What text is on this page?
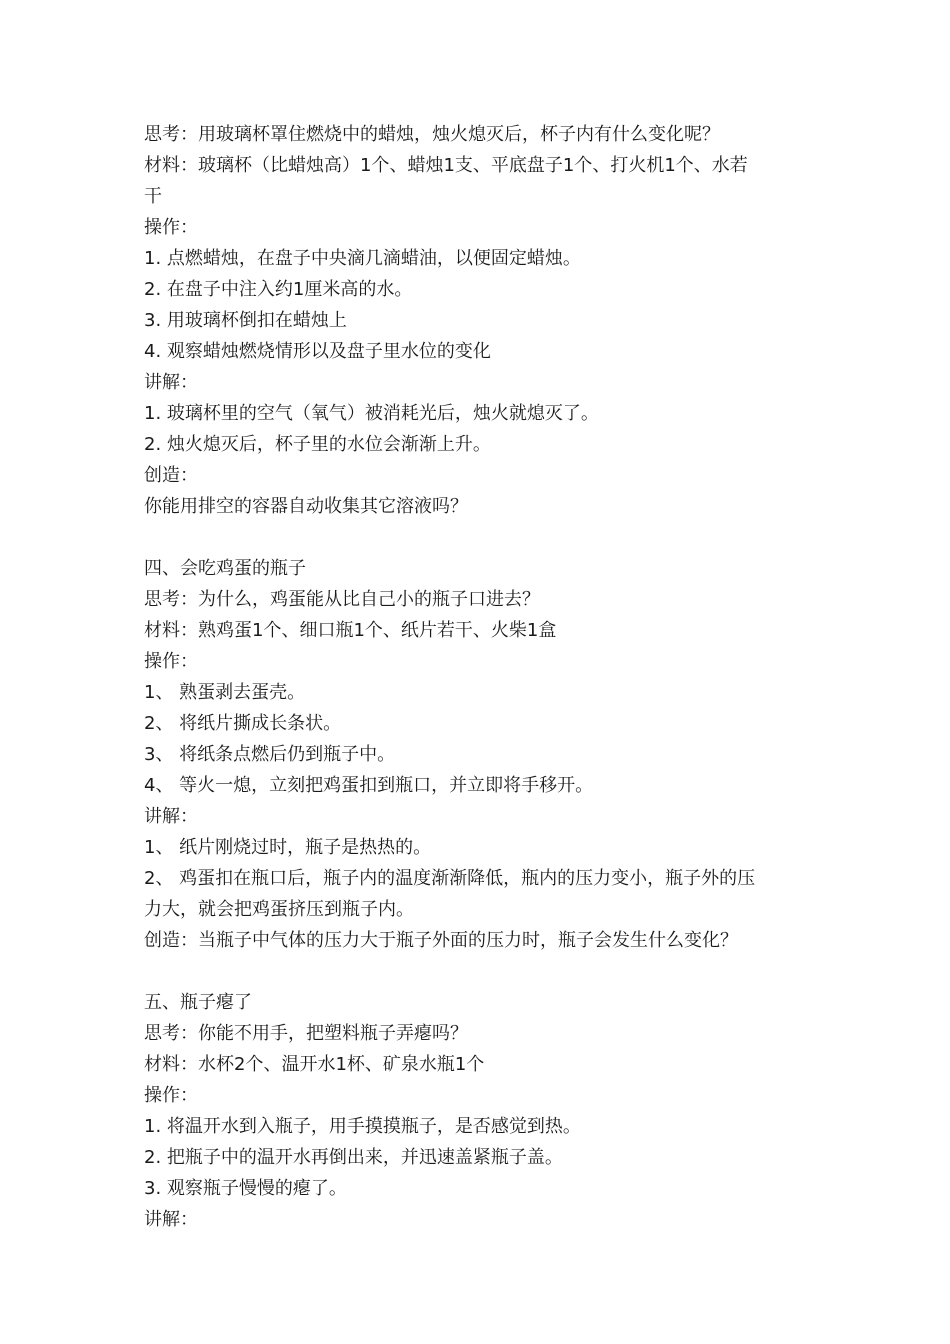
思考：用玻璃杯罩住燃烧中的蜡烛，烛火熄灭后，杯子内有什么变化呢？
材料：玻璃杯（比蜡烛高）1个、蜡烛1支、平底盘子1个、打火机1个、水若
干
操作：
1. 点燃蜡烛，在盘子中央滴几滴蜡油，以便固定蜡烛。
2. 在盘子中注入约1厘米高的水。
3. 用玻璃杯倒扣在蜡烛上
4. 观察蜡烛燃烧情形以及盘子里水位的变化
讲解：
1. 玻璃杯里的空气（氧气）被消耗光后，烛火就熄灭了。
2. 烛火熄灭后，杯子里的水位会渐渐上升。
创造：
你能用排空的容器自动收集其它溶液吗？
四、会吃鸡蛋的瓶子
思考：为什么，鸡蛋能从比自己小的瓶子口进去？
材料：熟鸡蛋1个、细口瓶1个、纸片若干、火柴1盒
操作：
1、 熟蛋剥去蛋壳。
2、 将纸片撕成长条状。
3、 将纸条点燃后仍到瓶子中。
4、 等火一熄，立刻把鸡蛋扣到瓶口，并立即将手移开。
讲解：
1、 纸片刚烧过时，瓶子是热热的。
2、 鸡蛋扣在瓶口后，瓶子内的温度渐渐降低，瓶内的压力变小，瓶子外的压
力大，就会把鸡蛋挤压到瓶子内。
创造：当瓶子中气体的压力大于瓶子外面的压力时，瓶子会发生什么变化？
五、瓶子瘪了
思考：你能不用手，把塑料瓶子弄瘪吗？
材料：水杯2个、温开水1杯、矿泉水瓶1个
操作：
1. 将温开水到入瓶子，用手摸摸瓶子，是否感觉到热。
2. 把瓶子中的温开水再倒出来，并迅速盖紧瓶子盖。
3. 观察瓶子慢慢的瘪了。
讲解：
